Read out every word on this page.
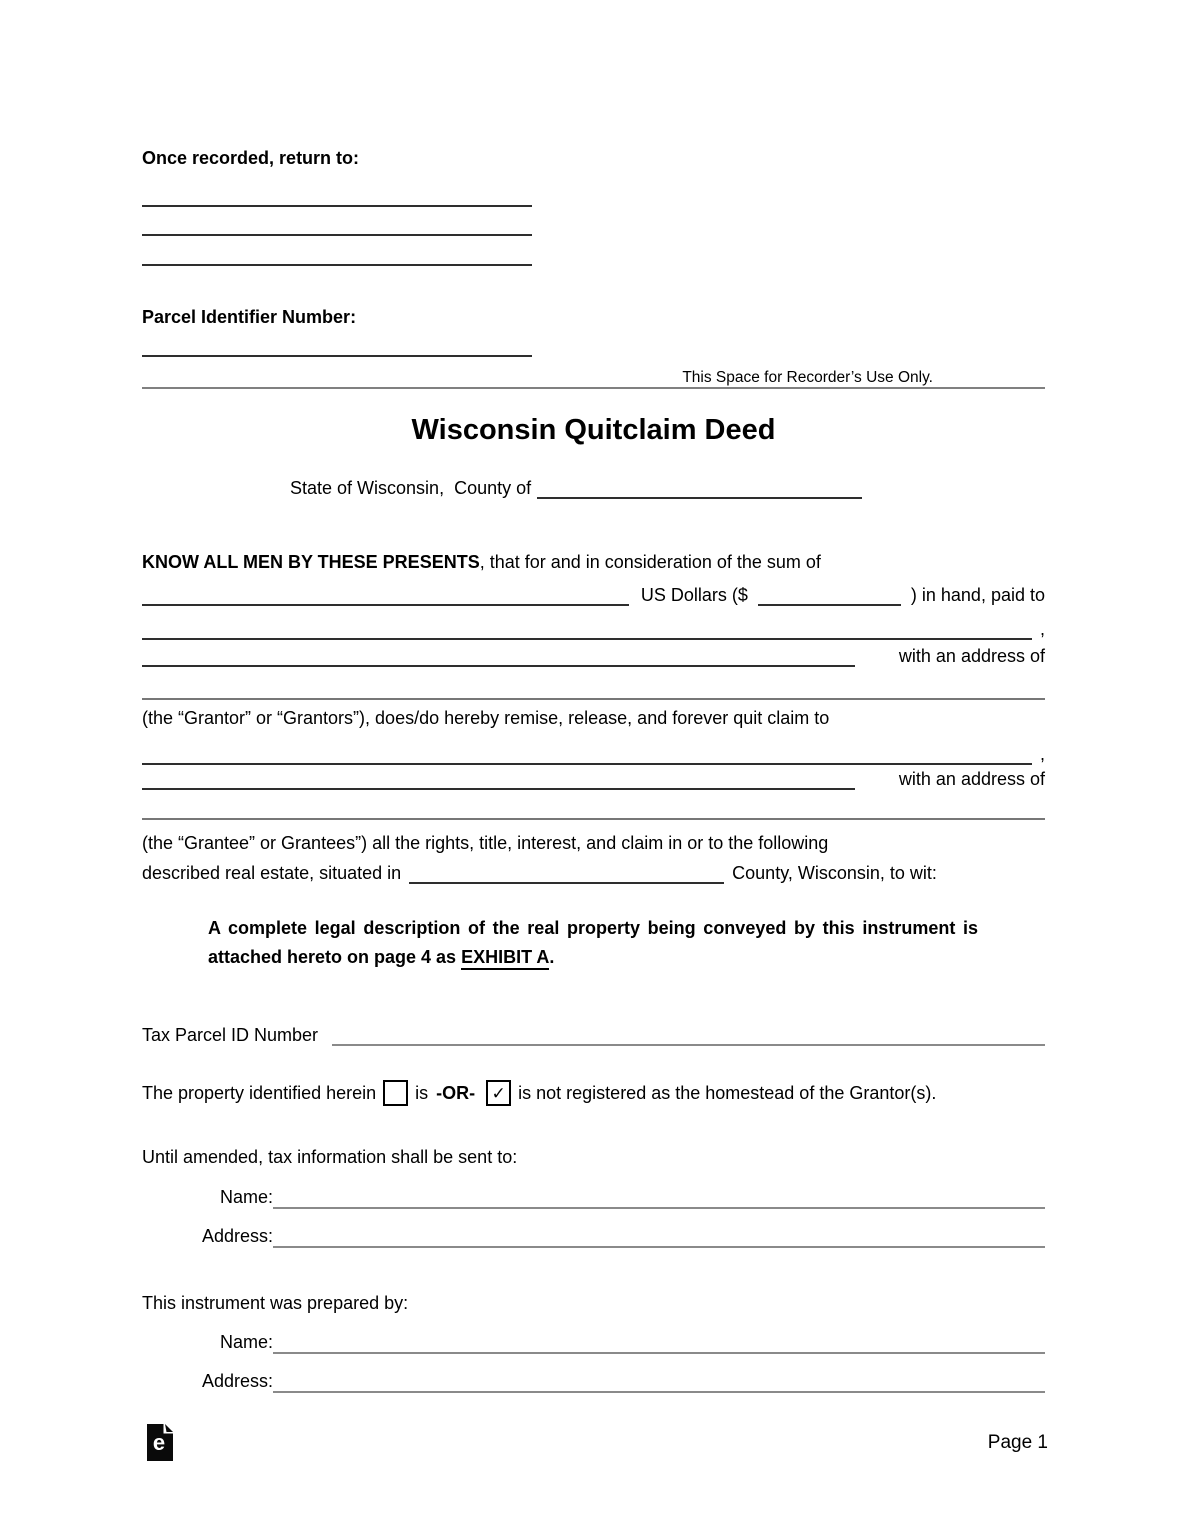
Once recorded, return to:
Parcel Identifier Number:
This Space for Recorder’s Use Only.
Wisconsin Quitclaim Deed
State of Wisconsin,  County of
KNOW ALL MEN BY THESE PRESENTS, that for and in consideration of the sum of
US Dollars ($	) in hand, paid to
,
with an address of
(the “Grantor” or “Grantors”), does/do hereby remise, release, and forever quit claim to
,
with an address of
(the “Grantee” or Grantees”) all the rights, title, interest, and claim in or to the following
described real estate, situated in	County, Wisconsin, to wit:
A complete legal description of the real property being conveyed by this instrument is attached hereto on page 4 as EXHIBIT A.
Tax Parcel ID Number
The property identified herein is -OR- ✓ is not registered as the homestead of the Grantor(s).
Until amended, tax information shall be sent to:
Name:
Address:
This instrument was prepared by:
Name:
Address:
e	Page 1
